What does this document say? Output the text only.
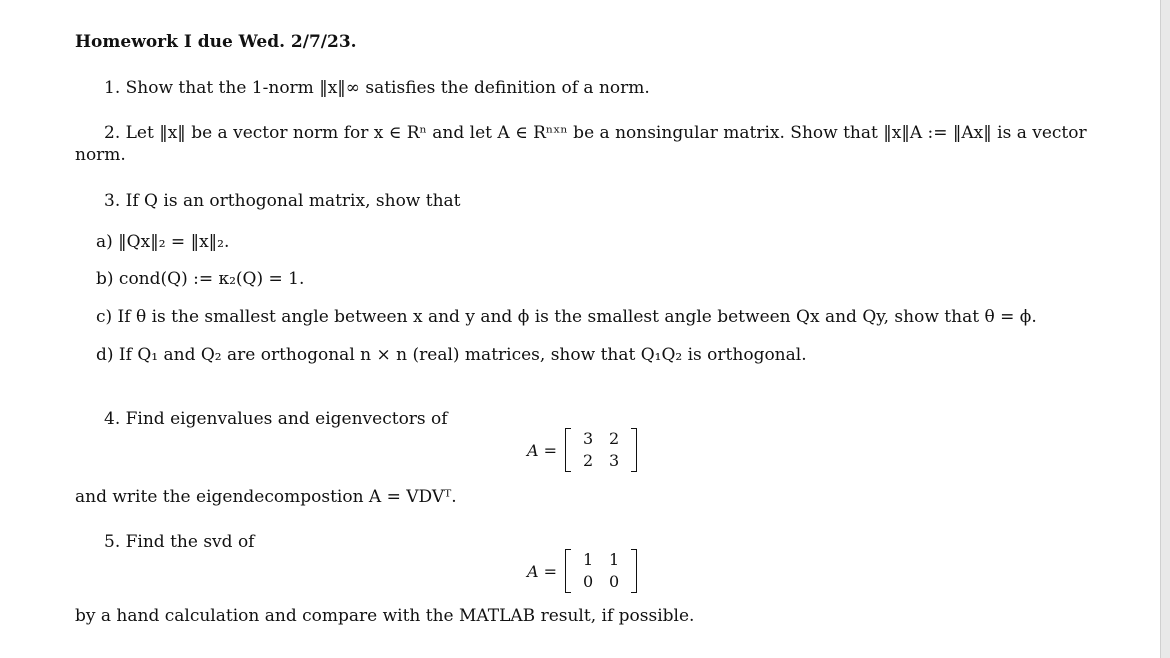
Homework I due Wed. 2/7/23.
1. Show that the 1-norm ‖x‖∞ satisfies the definition of a norm.
2. Let ‖x‖ be a vector norm for x ∈ Rⁿ and let A ∈ Rⁿˣⁿ be a nonsingular matrix. Show that ‖x‖A := ‖Ax‖ is a vector
norm.
3. If Q is an orthogonal matrix, show that
a) ‖Qx‖₂ = ‖x‖₂.
b) cond(Q) := κ₂(Q) = 1.
c) If θ is the smallest angle between x and y and ϕ is the smallest angle between Qx and Qy, show that θ = ϕ.
d) If Q₁ and Q₂ are orthogonal n × n (real) matrices, show that Q₁Q₂ is orthogonal.
4. Find eigenvalues and eigenvectors of
A =
3 2
2 3
and write the eigendecompostion A = VDVᵀ.
5. Find the svd of
A =
1 1
0 0
by a hand calculation and compare with the MATLAB result, if possible.
